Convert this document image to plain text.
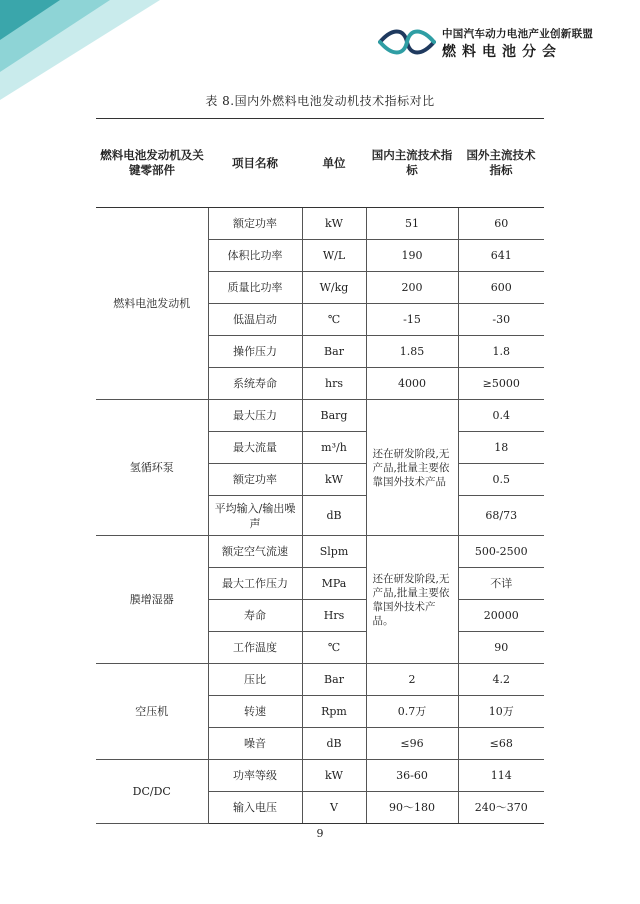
中国汽车动力电池产业创新联盟
燃料电池分会
表 8.国内外燃料电池发动机技术指标对比
燃料电池发动机及关键零部件	项目名称	单位	国内主流技术指标	国外主流技术指标
燃料电池发动机	额定功率	kW	51	60
	体积比功率	W/L	190	641
	质量比功率	W/kg	200	600
	低温启动	℃	-15	-30
	操作压力	Bar	1.85	1.8
	系统寿命	hrs	4000	≥5000
氢循环泵	最大压力	Barg	还在研发阶段,无产品,批量主要依靠国外技术产品	0.4
	最大流量	m³/h		18
	额定功率	kW		0.5
	平均输入/输出噪声	dB		68/73
膜增湿器	额定空气流速	Slpm	还在研发阶段,无产品,批量主要依靠国外技术产品。	500-2500
	最大工作压力	MPa		不详
	寿命	Hrs		20000
	工作温度	℃		90
空压机	压比	Bar	2	4.2
	转速	Rpm	0.7万	10万
	噪音	dB	≤96	≤68
DC/DC	功率等级	kW	36-60	114
	输入电压	V	90～180	240～370
9
